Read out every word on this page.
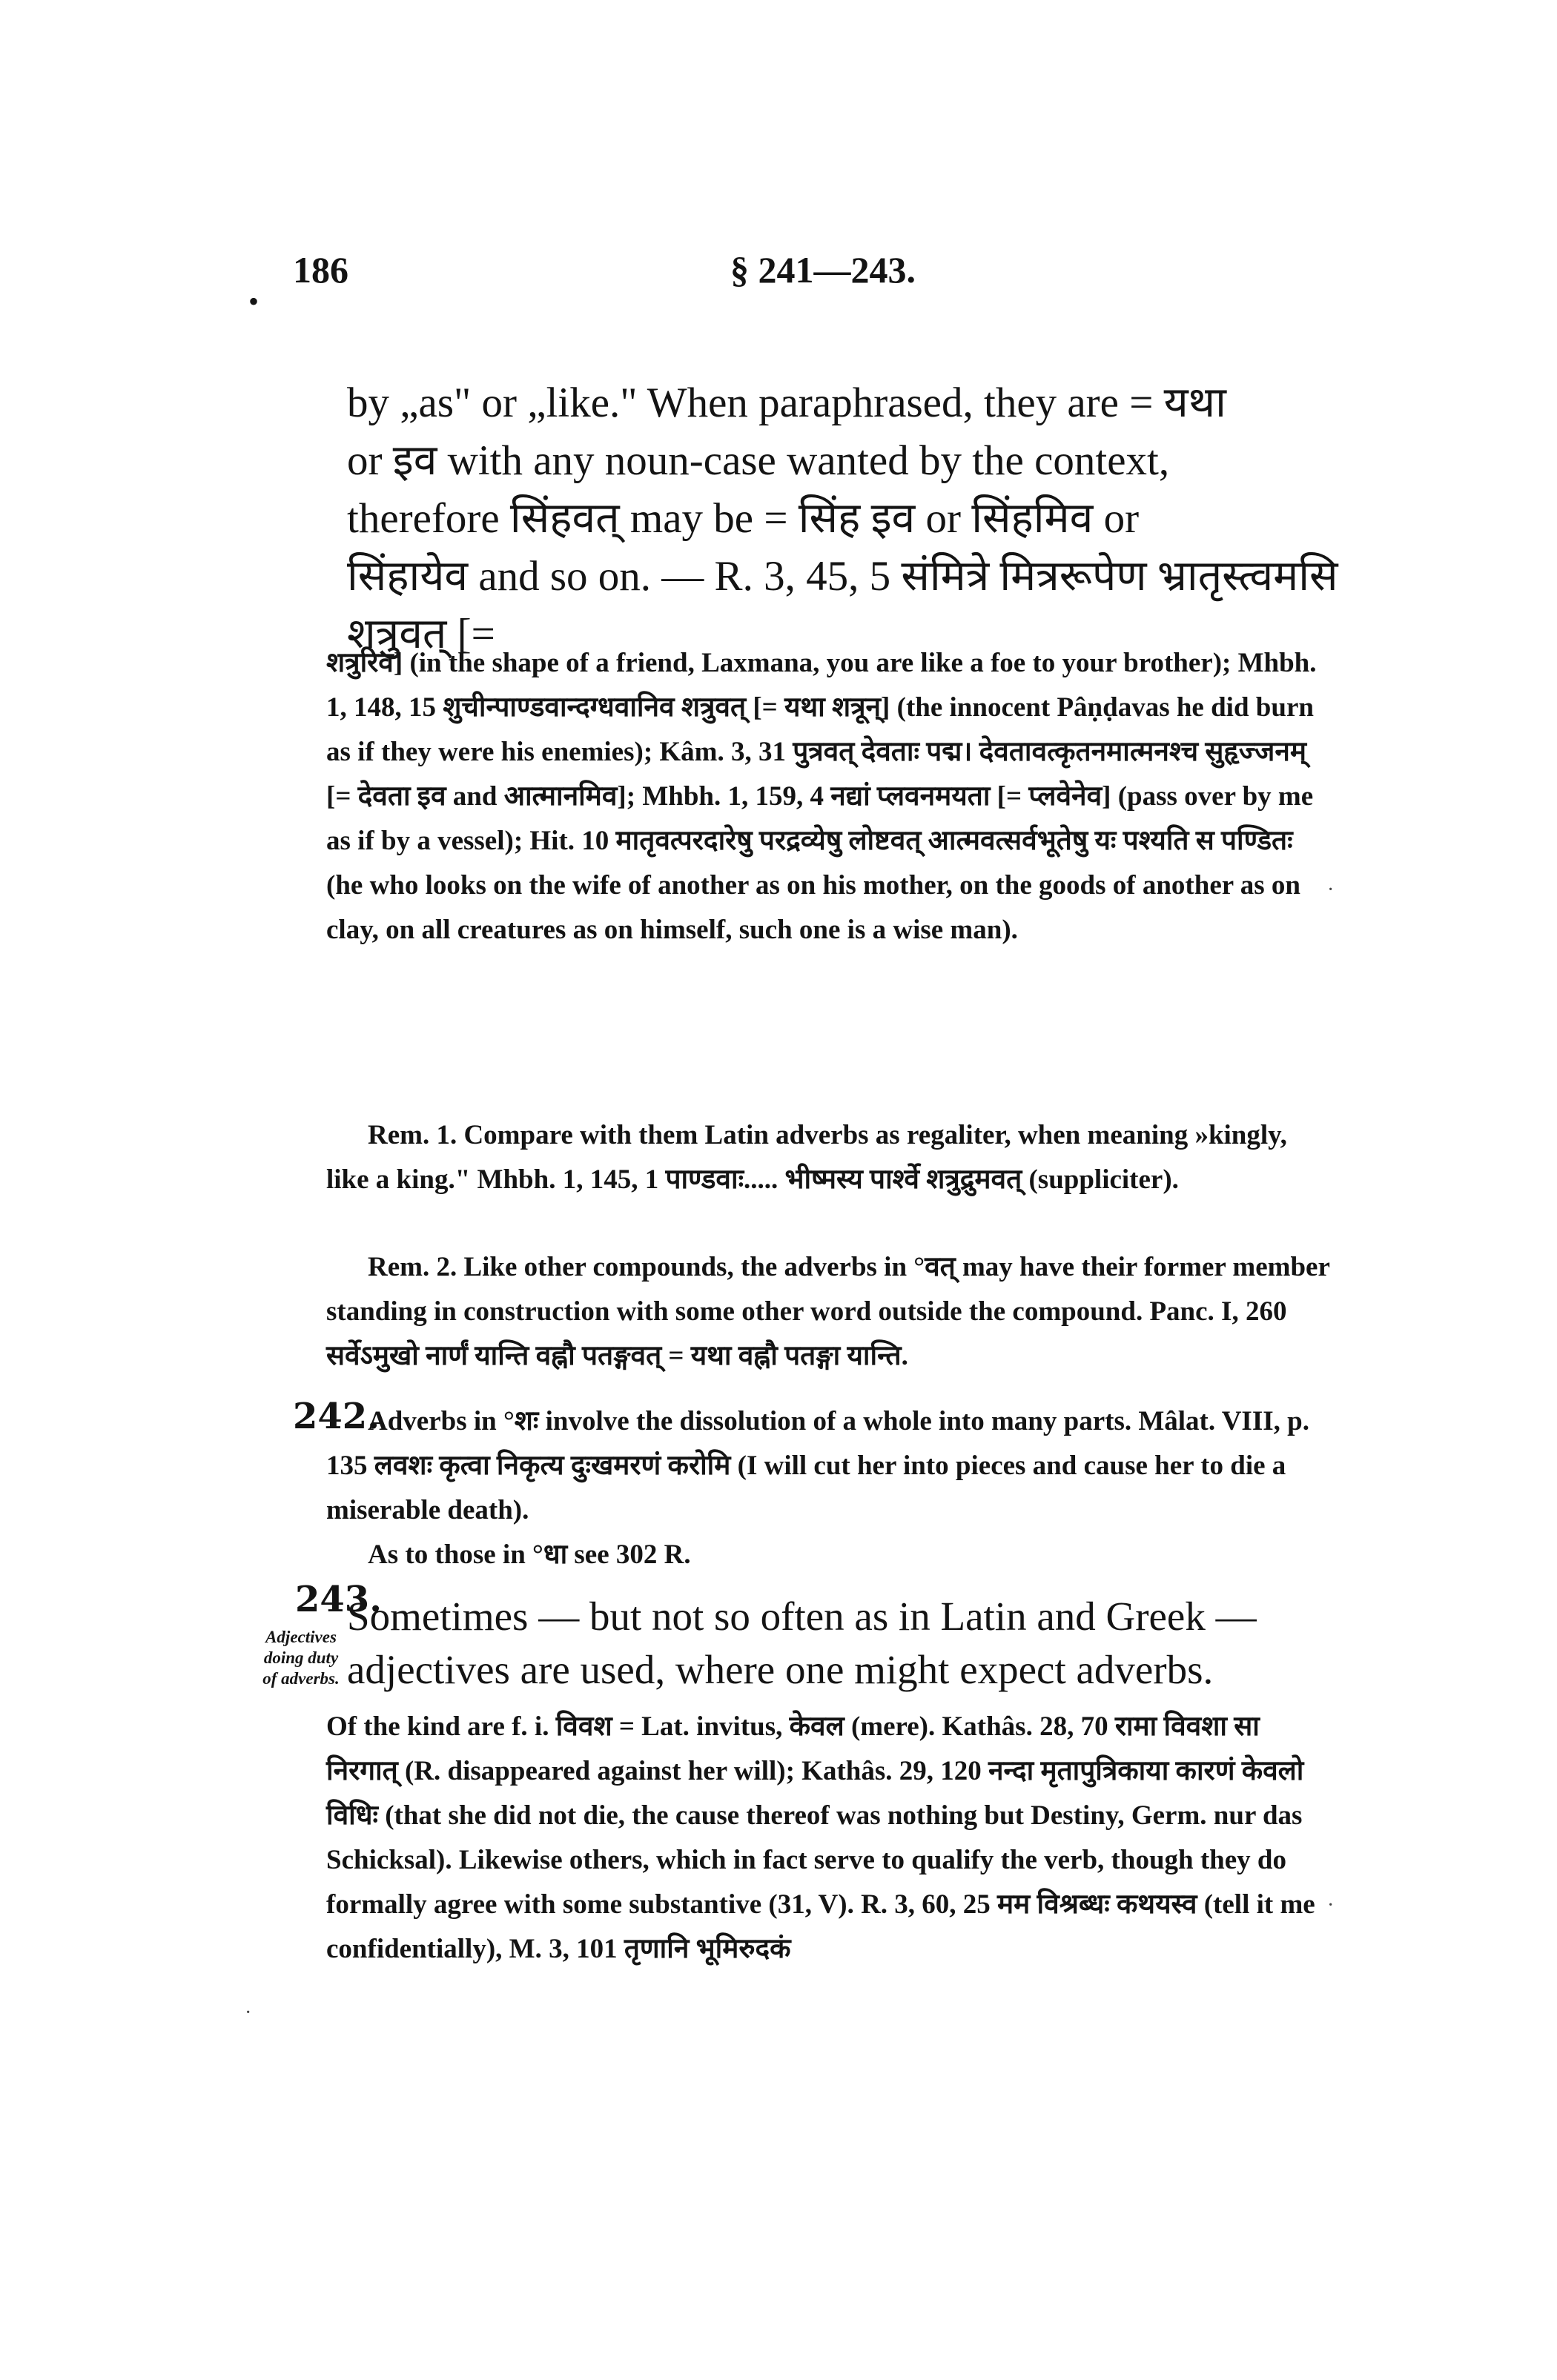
•
186	§ 241—243.
by „as" or „like." When paraphrased, they are = यथा
or इव with any noun-case wanted by the context,
therefore सिंहवत् may be = सिंह इव or सिंहमिव or
सिंहायेव and so on. — R. 3, 45, 5 संमित्रे मित्ररूपेण भ्रातृस्त्वमसि शत्रुवत् [=

शत्रुरिव] (in the shape of a friend, Laxmana, you are like a foe to your brother); Mhbh. 1, 148, 15 शुचीन्पाण्डवान्दग्धवानिव शत्रुवत् [= यथा शत्रून्] (the innocent Pâṇḍavas he did burn as if they were his enemies); Kâm. 3, 31 पुत्रवत् देवताः पद्म। देवतावत्कृतनमात्मनश्च सुहृज्जनम् [= देवता इव and आत्मानमिव]; Mhbh. 1, 159, 4 नद्यां प्लवनमयता [= प्लवेनेव] (pass over by me as if by a vessel); Hit. 10 मातृवत्परदारेषु परद्रव्येषु लोष्टवत् आत्मवत्सर्वभूतेषु यः पश्यति स पण्डितः (he who looks on the wife of another as on his mother, on the goods of another as on clay, on all creatures as on himself, such one is a wise man).

Rem. 1. Compare with them Latin adverbs as regaliter, when meaning »kingly, like a king." Mhbh. 1, 145, 1 पाण्डवाः..... भीष्मस्य पार्श्वे शत्रुद्रुमवत् (suppliciter).

Rem. 2. Like other compounds, the adverbs in °वत् may have their former member standing in construction with some other word outside the compound. Panc. I, 260 सर्वेऽमुखो नार्णं यान्ति वह्नौ पतङ्गवत् = यथा वह्नौ पतङ्गा यान्ति.

242.

Adverbs in °शः involve the dissolution of a whole into many parts. Mâlat. VIII, p. 135 लवशः कृत्वा निकृत्य दुःखमरणं करोमि (I will cut her into pieces and cause her to die a miserable death).

As to those in °धा see 302 R.

243.
Adjectives doing duty of adverbs.
Sometimes — but not so often as in Latin and Greek —
adjectives are used, where one might expect adverbs.

Of the kind are f. i. विवश = Lat. invitus, केवल (mere). Kathâs. 28, 70 रामा विवशा सा निरगात् (R. disappeared against her will); Kathâs. 29, 120 नन्दा मृतापुत्रिकाया कारणं केवलो विधिः (that she did not die, the cause thereof was nothing but Destiny, Germ. nur das Schicksal). Likewise others, which in fact serve to qualify the verb, though they do formally agree with some substantive (31, V). R. 3, 60, 25 मम विश्रब्धः कथयस्व (tell it me confidentially), M. 3, 101 तृणानि भूमिरुदकं

·
·
·
